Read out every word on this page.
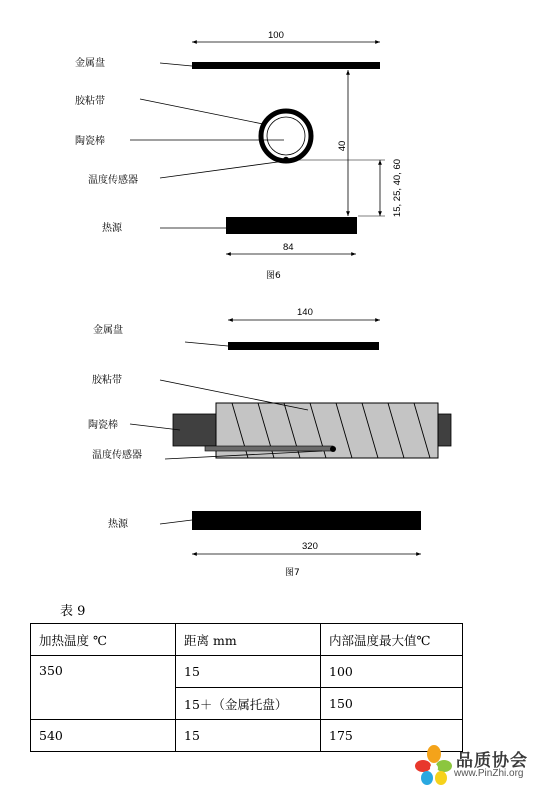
100
金属盘
40
15, 25, 40, 60
胶粘带
陶瓷棒
温度传感器
热源
84
图6
140
金属盘
胶粘带
陶瓷棒
温度传感器
热源
320
图7
表 9
加热温度 ℃	距离 mm	内部温度最大值℃
350	15	100
	15＋（金属托盘）	150
540	15	175
品质协会
www.PinZhi.org
